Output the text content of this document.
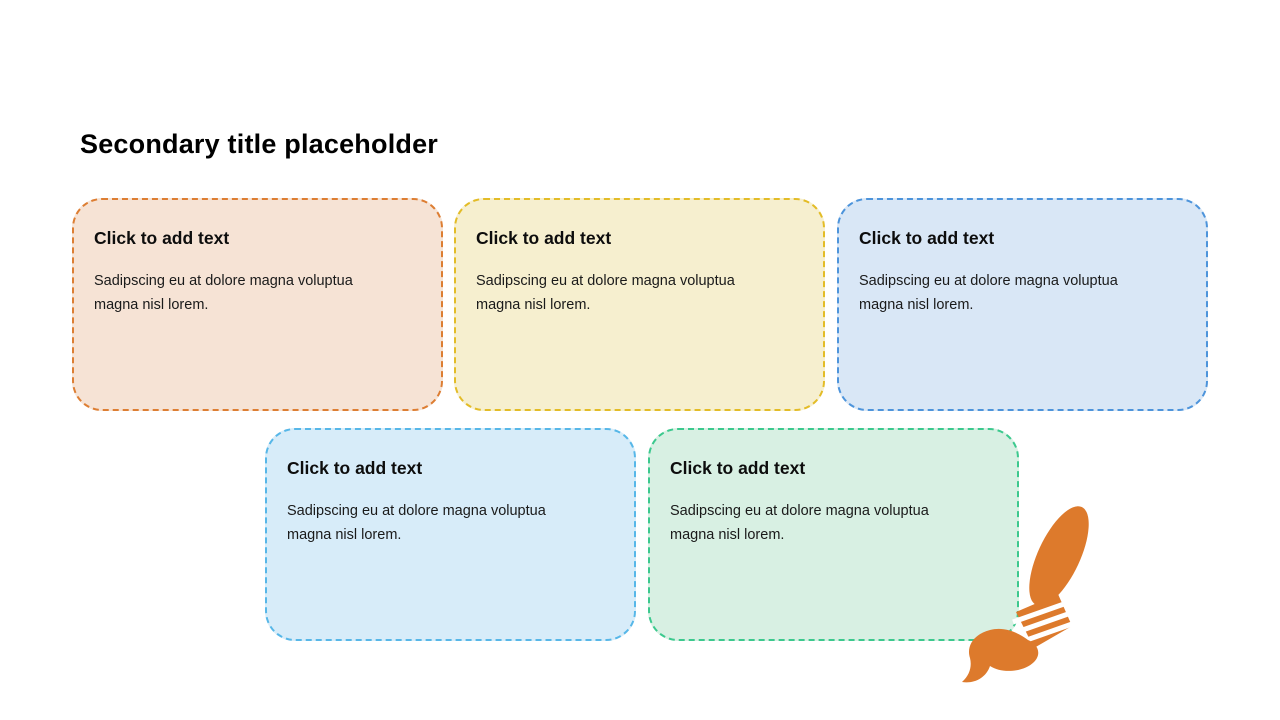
Secondary title placeholder
Click to add text

Sadipscing eu at dolore magna voluptua magna nisl lorem.

Click to add text

Sadipscing eu at dolore magna voluptua magna nisl lorem.

Click to add text

Sadipscing eu at dolore magna voluptua magna nisl lorem.

Click to add text

Sadipscing eu at dolore magna voluptua magna nisl lorem.

Click to add text

Sadipscing eu at dolore magna voluptua magna nisl lorem.
